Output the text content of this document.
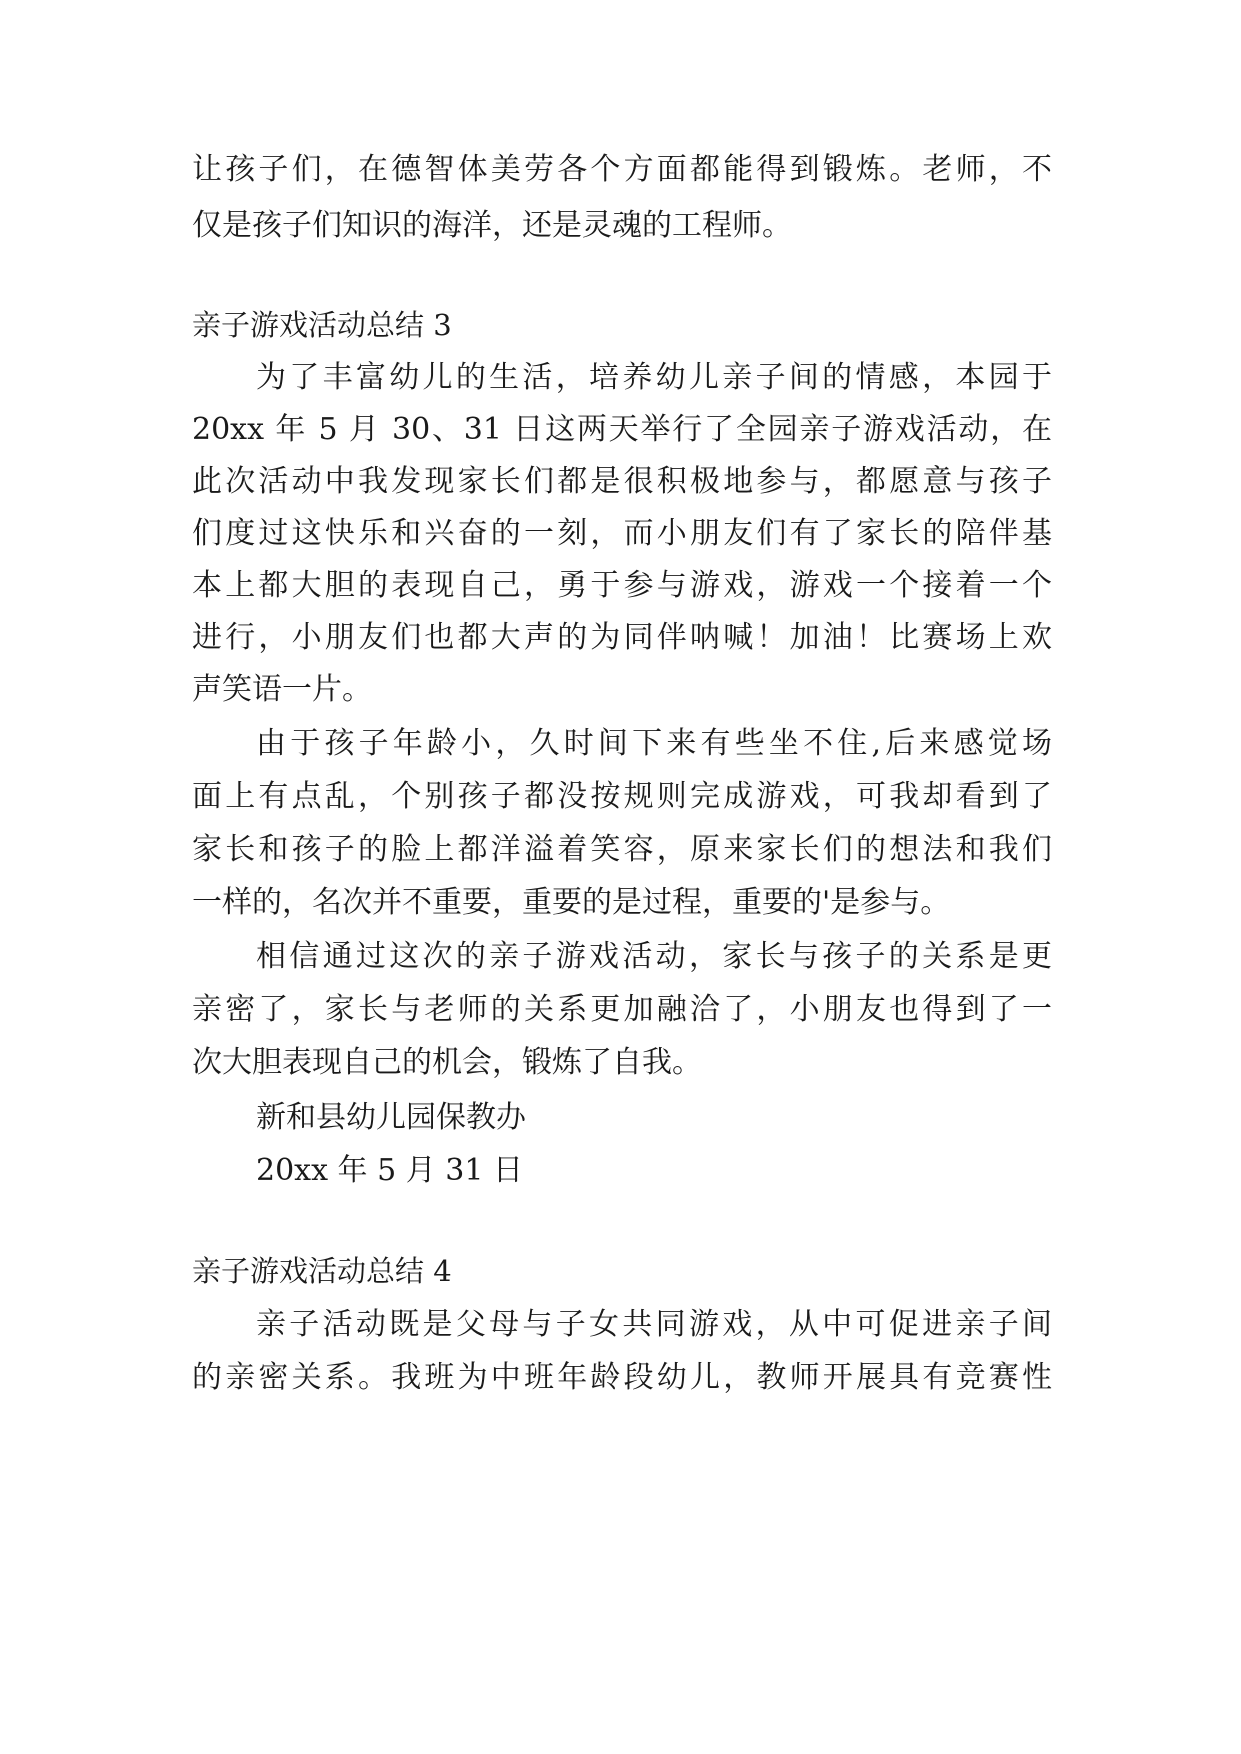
让孩子们，在德智体美劳各个方面都能得到锻炼。老师，不
仅是孩子们知识的海洋，还是灵魂的工程师。
亲子游戏活动总结 3
为了丰富幼儿的生活，培养幼儿亲子间的情感，本园于
20xx 年 5 月 30、31 日这两天举行了全园亲子游戏活动，在
此次活动中我发现家长们都是很积极地参与，都愿意与孩子
们度过这快乐和兴奋的一刻，而小朋友们有了家长的陪伴基
本上都大胆的表现自己，勇于参与游戏，游戏一个接着一个
进行，小朋友们也都大声的为同伴呐喊！加油！比赛场上欢
声笑语一片。
由于孩子年龄小，久时间下来有些坐不住,后来感觉场
面上有点乱，个别孩子都没按规则完成游戏，可我却看到了
家长和孩子的脸上都洋溢着笑容，原来家长们的想法和我们
一样的，名次并不重要，重要的是过程，重要的'是参与。
相信通过这次的亲子游戏活动，家长与孩子的关系是更
亲密了，家长与老师的关系更加融洽了，小朋友也得到了一
次大胆表现自己的机会，锻炼了自我。
新和县幼儿园保教办
20xx 年 5 月 31 日
亲子游戏活动总结 4
亲子活动既是父母与子女共同游戏，从中可促进亲子间
的亲密关系。我班为中班年龄段幼儿，教师开展具有竞赛性
